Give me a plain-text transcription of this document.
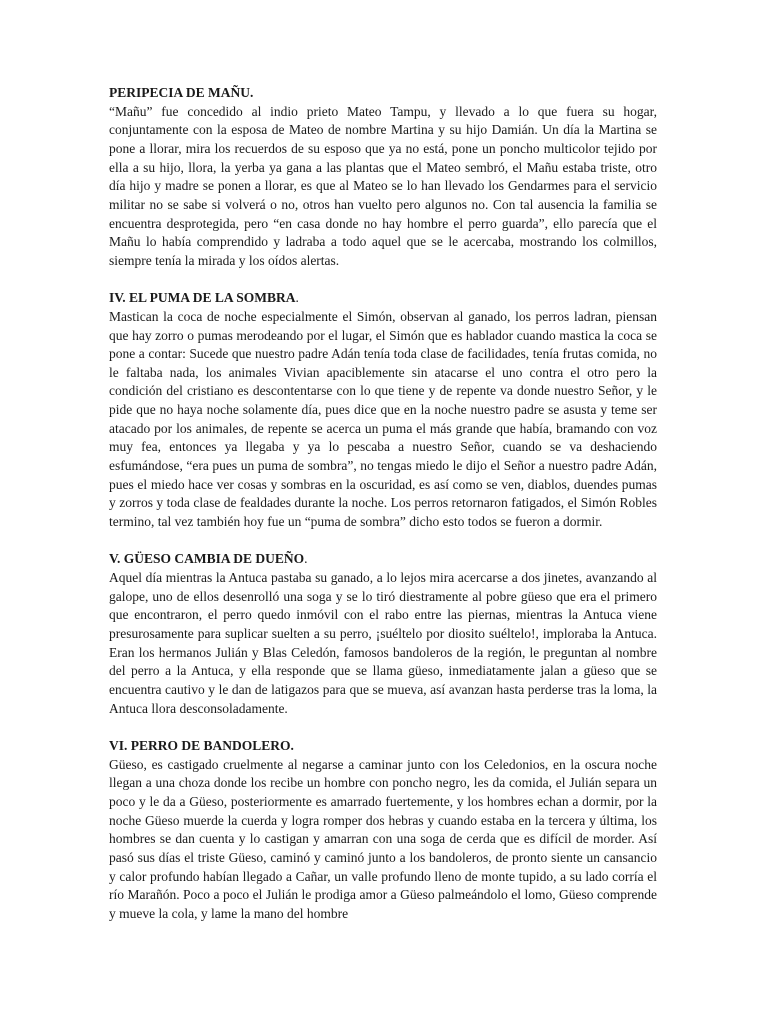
PERIPECIA DE MAÑU.

“Mañu” fue concedido al indio prieto Mateo Tampu, y llevado a lo que fuera su hogar, conjuntamente con la esposa de Mateo de nombre Martina y su hijo Damián. Un día la Martina se pone a llorar, mira los recuerdos de su esposo que ya no está, pone un poncho multicolor tejido por ella a su hijo, llora, la yerba ya gana a las plantas que el Mateo sembró, el Mañu estaba triste, otro día hijo y madre se ponen a llorar, es que al Mateo se lo han llevado los Gendarmes para el servicio militar no se sabe si volverá o no, otros han vuelto pero algunos no. Con tal ausencia la familia se encuentra desprotegida, pero “en casa donde no hay hombre el perro guarda”, ello parecía que el Mañu lo había comprendido y ladraba a todo aquel que se le acercaba, mostrando los colmillos, siempre tenía la mirada y los oídos alertas.

IV. EL PUMA DE LA SOMBRA.

Mastican la coca de noche especialmente el Simón, observan al ganado, los perros ladran, piensan que hay zorro o pumas merodeando por el lugar, el Simón que es hablador cuando mastica la coca se pone a contar: Sucede que nuestro padre Adán tenía toda clase de facilidades, tenía frutas comida, no le faltaba nada, los animales Vivian apaciblemente sin atacarse el uno contra el otro pero la condición del cristiano es descontentarse con lo que tiene y de repente va donde nuestro Señor, y le pide que no haya noche solamente día, pues dice que en la noche nuestro padre se asusta y teme ser atacado por los animales, de repente se acerca un puma el más grande que había, bramando con voz muy fea, entonces ya llegaba y ya lo pescaba a nuestro Señor, cuando se va deshaciendo esfumándose, “era pues un puma de sombra”, no tengas miedo le dijo el Señor a nuestro padre Adán, pues el miedo hace ver cosas y sombras en la oscuridad, es así como se ven, diablos, duendes pumas y zorros y toda clase de fealdades durante la noche. Los perros retornaron fatigados, el Simón Robles termino, tal vez también hoy fue un “puma de sombra” dicho esto todos se fueron a dormir.

V. GÜESO CAMBIA DE DUEÑO.

Aquel día mientras la Antuca pastaba su ganado, a lo lejos mira acercarse a dos jinetes, avanzando al galope, uno de ellos desenrolló una soga y se lo tiró diestramente al pobre güeso que era el primero que encontraron, el perro quedo inmóvil con el rabo entre las piernas, mientras la Antuca viene presurosamente para suplicar suelten a su perro, ¡suéltelo por diosito suéltelo!, imploraba la Antuca. Eran los hermanos Julián y Blas Celedón, famosos bandoleros de la región, le preguntan al nombre del perro a la Antuca, y ella responde que se llama güeso, inmediatamente jalan a güeso que se encuentra cautivo y le dan de latigazos para que se mueva, así avanzan hasta perderse tras la loma, la Antuca llora desconsoladamente.

VI. PERRO DE BANDOLERO.

Güeso, es castigado cruelmente al negarse a caminar junto con los Celedonios, en la oscura noche llegan a una choza donde los recibe un hombre con poncho negro, les da comida, el Julián separa un poco y le da a Güeso, posteriormente es amarrado fuertemente, y los hombres echan a dormir, por la noche Güeso muerde la cuerda y logra romper dos hebras y cuando estaba en la tercera y última, los hombres se dan cuenta y lo castigan y amarran con una soga de cerda que es difícil de morder. Así pasó sus días el triste Güeso, caminó y caminó junto a los bandoleros, de pronto siente un cansancio y calor profundo habían llegado a Cañar, un valle profundo lleno de monte tupido, a su lado corría el río Marañón. Poco a poco el Julián le prodiga amor a Güeso palmeándolo el lomo, Güeso comprende y mueve la cola, y lame la mano del hombre
